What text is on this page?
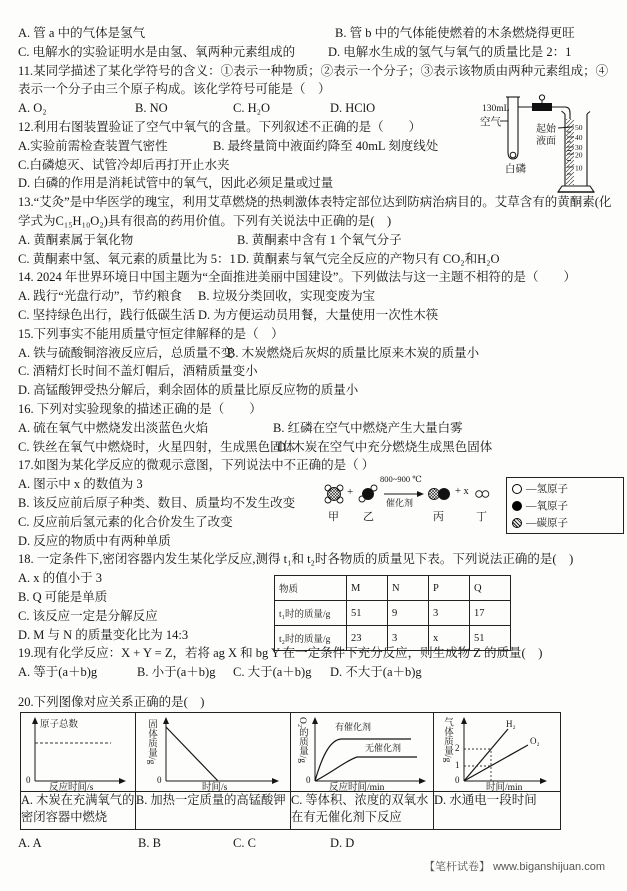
A. 管 a 中的气体是氢气	B. 管 b 中的气体能使燃着的木条燃烧得更旺
C. 电解水的实验证明水是由氢、氧两种元素组成的	D. 电解水生成的氢气与氧气的质量比是 2：1
11.某同学描述了某化学符号的含义：①表示一种物质；②表示一个分子；③表示该物质由两种元素组成；④表示一个分子由三个原子构成。该化学符号可能是（　）
A. O₂	B. NO	C. H₂O	D. HClO
12.利用右图装置验证了空气中氧气的含量。下列叙述不正确的是（　　）
A.实验前需检查装置气密性	B. 最终量筒中液面约降至 40mL 刻度线处
C.白磷熄灭、试管冷却后再打开止水夹
D. 白磷的作用是消耗试管中的氧气，因此必须足量或过量
13.“艾灸”是中华医学的瑰宝，利用艾草燃烧的热刺激体表特定部位达到防病治病目的。艾草含有的黄酮素(化学式为C₁₅H₁₀O₂)具有很高的药用价值。下列有关说法中正确的是(　)
A. 黄酮素属于氧化物	B. 黄酮素中含有 1 个氧气分子
C. 黄酮素中氢、氧元素的质量比为 5：1D. 黄酮素与氧气完全反应的产物只有 CO₂和H₂O
14. 2024 年世界环境日中国主题为“全面推进美丽中国建设”。下列做法与这一主题不相符的是（　　）
A. 践行“光盘行动”，节约粮食 B. 垃圾分类回收，实现变废为宝
C. 坚持绿色出行，践行低碳生活 D. 为方便运动员用餐，大量使用一次性木筷
15.下列事实不能用质量守恒定律解释的是（　）
A. 铁与硫酸铜溶液反应后，总质量不变B. 木炭燃烧后灰烬的质量比原来木炭的质量小
C. 酒精灯长时间不盖灯帽后，酒精质量变小
D. 高锰酸钾受热分解后，剩余固体的质量比原反应物的质量小
16. 下列对实验现象的描述正确的是（　　）
A. 硫在氧气中燃烧发出淡蓝色火焰	B. 红磷在空气中燃烧产生大量白雾
C. 铁丝在氧气中燃烧时，火星四射，生成黑色固体D. 木炭在空气中充分燃烧生成黑色固体
17.如图为某化学反应的微观示意图，下列说法中不正确的是（ ）
A. 图示中 x 的数值为 3
B. 该反应前后原子种类、数目、质量均不发生改变
C. 反应前后氢元素的化合价发生了改变
D. 反应的物质中有两种单质
18. 一定条件下,密闭容器内发生某化学反应,测得 t₁和 t₂时各物质的质量见下表。下列说法正确的是(　)
A. x 的值小于 3
B. Q 可能是单质
C. 该反应一定是分解反应
D. M 与 N 的质量变化比为 14:3
19.现有化学反应：X + Y = Z，若将 ag X 和 bg Y 在一定条件下充分反应，则生成物 Z 的质量(　)
A. 等于(a＋b)g	B. 小于(a＋b)g C. 大于(a＋b)g D. 不大于(a＋b)g
130mL
空气
起始
液面
白磷
50
40
30
20
10
+
800~900 ℃
催化剂
+ x
甲 乙	丙	丁
—氢原子
—氧原子
—碳原子
物质	M	N	P	Q
t₁时的质量/g	51	9	3	17
t₂时的质量/g	23	3	x	51
20.下列图像对应关系正确的是(　)
原子总数
0
反应时间/s

固体质量/g
0
时间/s

O₂的质量/g	有催化剂
无催化剂
0
反应时间/min

气体质量/g 2
1
H₂
O₂
0
时间/min

A. 木炭在充满氧气的密闭容器中燃烧	B. 加热一定质量的高锰酸钾	C. 等体积、浓度的双氧水在有无催化剂下反应	D. 水通电一段时间
A. A	B. B	C. C	D. D
【笔杆试卷】 www.biganshijuan.com
